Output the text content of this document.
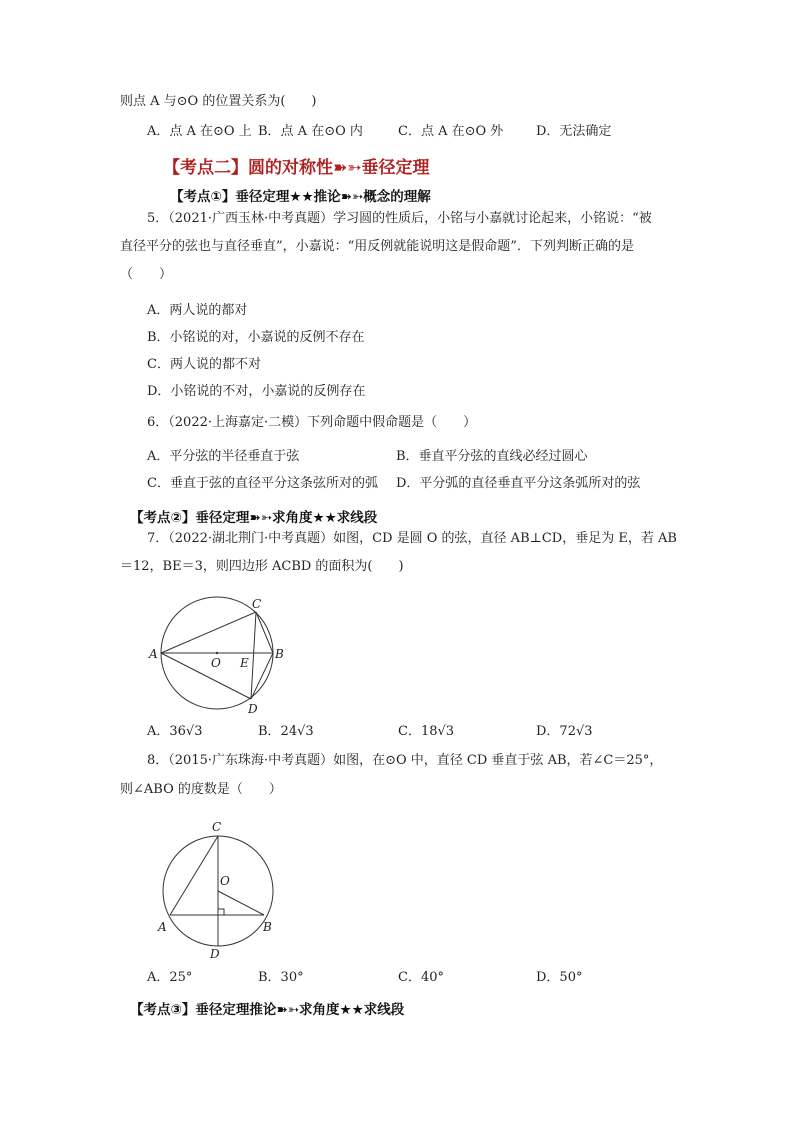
则点 A 与⊙O 的位置关系为(　　)
A．点 A 在⊙O 上 B．点 A 在⊙O 内	C．点 A 在⊙O 外	D．无法确定
【考点二】圆的对称性➽➳垂径定理
【考点①】垂径定理★★推论➽➳概念的理解
5．（2021·广西玉林·中考真题）学习圆的性质后，小铭与小嘉就讨论起来，小铭说：“被
直径平分的弦也与直径垂直”，小嘉说：“用反例就能说明这是假命题”．下列判断正确的是
（　　）
A．两人说的都对
B．小铭说的对，小嘉说的反例不存在
C．两人说的都不对
D．小铭说的不对，小嘉说的反例存在
6．（2022·上海嘉定·二模）下列命题中假命题是（　　）
A．平分弦的半径垂直于弦	B．垂直平分弦的直线必经过圆心
C．垂直于弦的直径平分这条弦所对的弧 D．平分弧的直径垂直平分这条弧所对的弦
【考点②】垂径定理➽➳求角度★★求线段
7．（2022·湖北荆门·中考真题）如图，CD 是圆 O 的弦，直径 AB⊥CD，垂足为 E，若 AB
＝12，BE＝3，则四边形 ACBD 的面积为(　　)
A	B
C
D
E
O
A．36√3	B．24√3	C．18√3	D．72√3
8．（2015·广东珠海·中考真题）如图，在⊙O 中，直径 CD 垂直于弦 AB，若∠C＝25°，
则∠ABO 的度数是（　　）
C
A	B
D
O
A．25°	B．30°	C．40°	D．50°
【考点③】垂径定理推论➽➳求角度★★求线段
